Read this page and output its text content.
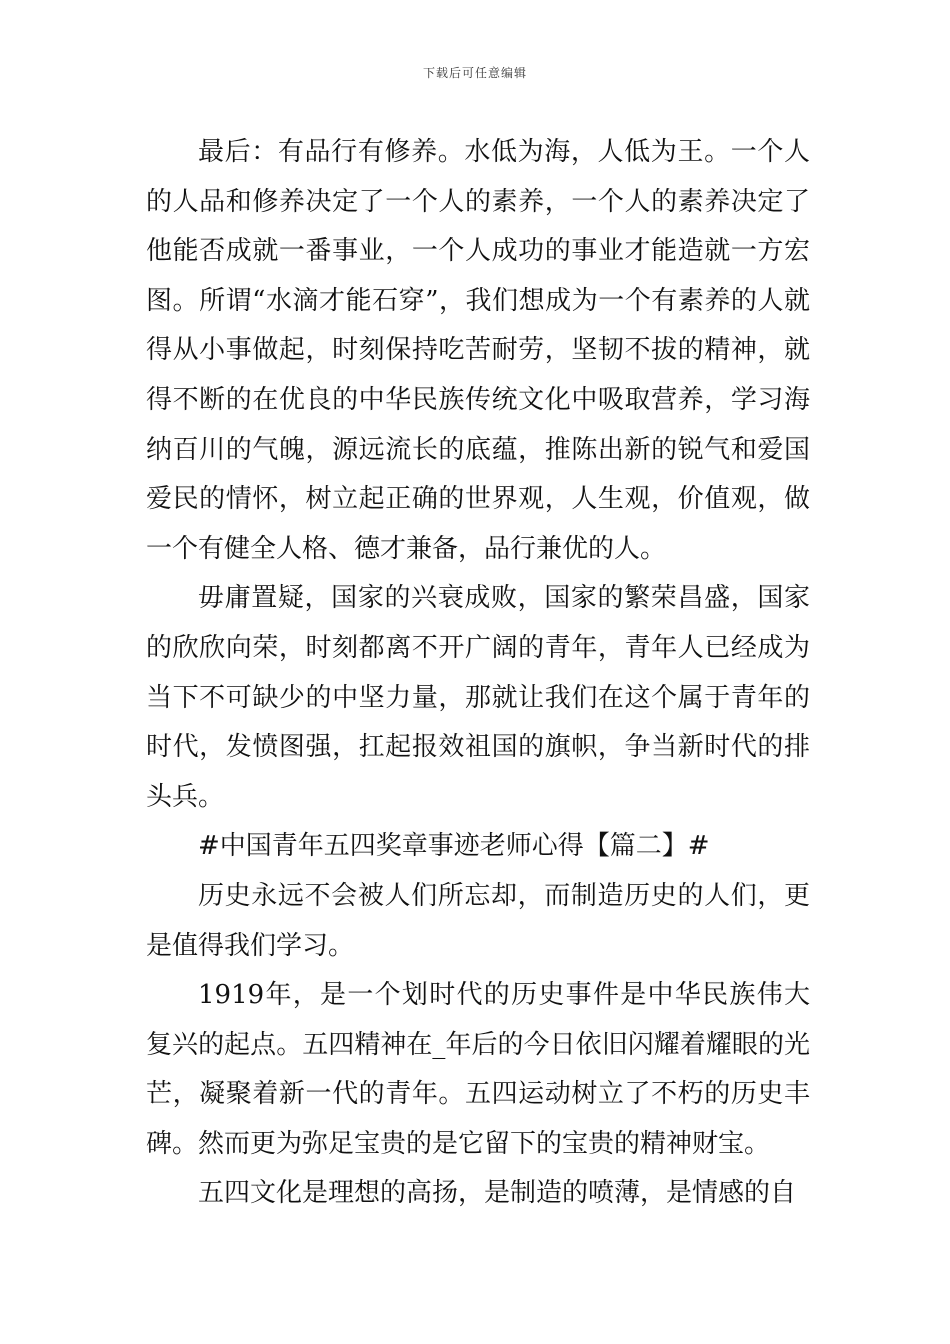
下载后可任意编辑

最后：有品行有修养。水低为海，人低为王。一个人的人品和修养决定了一个人的素养，一个人的素养决定了他能否成就一番事业，一个人成功的事业才能造就一方宏图。所谓“水滴才能石穿”，我们想成为一个有素养的人就得从小事做起，时刻保持吃苦耐劳，坚韧不拔的精神，就得不断的在优良的中华民族传统文化中吸取营养，学习海纳百川的气魄，源远流长的底蕴，推陈出新的锐气和爱国爱民的情怀，树立起正确的世界观，人生观，价值观，做一个有健全人格、德才兼备，品行兼优的人。

毋庸置疑，国家的兴衰成败，国家的繁荣昌盛，国家的欣欣向荣，时刻都离不开广阔的青年，青年人已经成为当下不可缺少的中坚力量，那就让我们在这个属于青年的时代，发愤图强，扛起报效祖国的旗帜，争当新时代的排头兵。

#中国青年五四奖章事迹老师心得【篇二】#

历史永远不会被人们所忘却，而制造历史的人们，更是值得我们学习。

1919年，是一个划时代的历史事件是中华民族伟大复兴的起点。五四精神在_年后的今日依旧闪耀着耀眼的光芒，凝聚着新一代的青年。五四运动树立了不朽的历史丰碑。然而更为弥足宝贵的是它留下的宝贵的精神财宝。

五四文化是理想的高扬，是制造的喷薄，是情感的自
